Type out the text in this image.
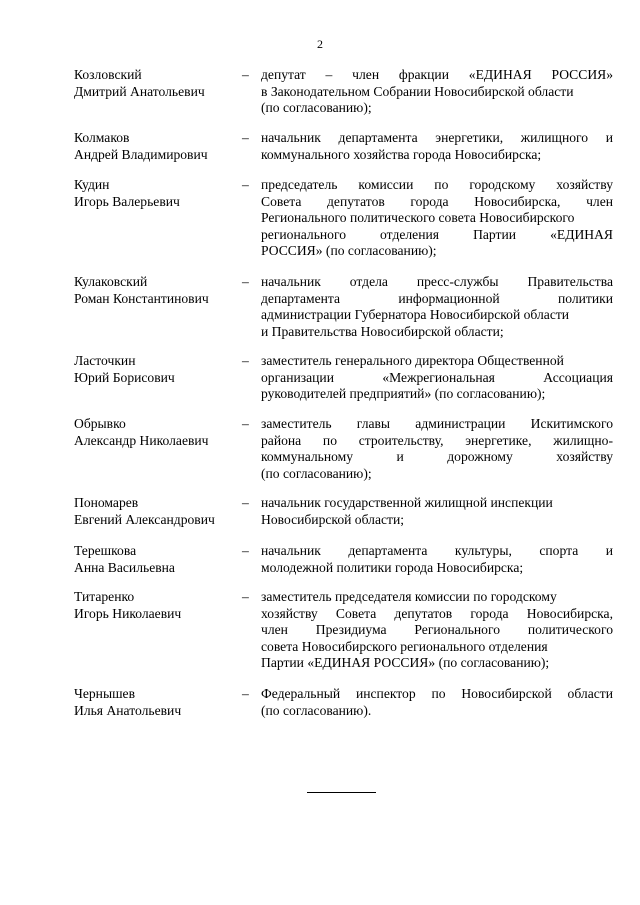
2
Козловский
Дмитрий Анатольевич
– депутат – член фракции «ЕДИНАЯ РОССИЯ»
в Законодательном Собрании Новосибирской области
(по согласованию);
Колмаков
Андрей Владимирович
– начальник департамента энергетики, жилищного и
коммунального хозяйства города Новосибирска;
Кудин
Игорь Валерьевич
– председатель комиссии по городскому хозяйству
Совета депутатов города Новосибирска, член
Регионального политического совета Новосибирского
регионального отделения Партии «ЕДИНАЯ
РОССИЯ» (по согласованию);
Кулаковский
Роман Константинович
– начальник отдела пресс-службы Правительства
департамента информационной политики
администрации Губернатора Новосибирской области
и Правительства Новосибирской области;
Ласточкин
Юрий Борисович
– заместитель генерального директора Общественной
организации «Межрегиональная Ассоциация
руководителей предприятий» (по согласованию);
Обрывко
Александр Николаевич
– заместитель главы администрации Искитимского
района по строительству, энергетике, жилищно-
коммунальному и дорожному хозяйству
(по согласованию);
Пономарев
Евгений Александрович
– начальник государственной жилищной инспекции
Новосибирской области;
Терешкова
Анна Васильевна
– начальник департамента культуры, спорта и
молодежной политики города Новосибирска;
Титаренко
Игорь Николаевич
– заместитель председателя комиссии по городскому
хозяйству Совета депутатов города Новосибирска,
член Президиума Регионального политического
совета Новосибирского регионального отделения
Партии «ЕДИНАЯ РОССИЯ» (по согласованию);
Чернышев
Илья Анатольевич
– Федеральный инспектор по Новосибирской области
(по согласованию).
